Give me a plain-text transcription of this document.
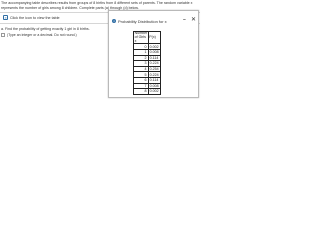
The accompanying table describes results from groups of 8 births from 8 different sets of parents. The random variable x represents the number of girls among 8 children. Complete parts (a) through (d) below.
≡ Click the icon to view the table
a. Find the probability of getting exactly 1 girl in 8 births.
(Type an integer or a decimal. Do not round.)
i Probability Distribution for x	– ✕
Number of Girls x	P(x)
0	0.002
1	0.008
2	0.114
3	0.224
4	0.254
5	0.224
6	0.114
7	0.008
8	0.002
